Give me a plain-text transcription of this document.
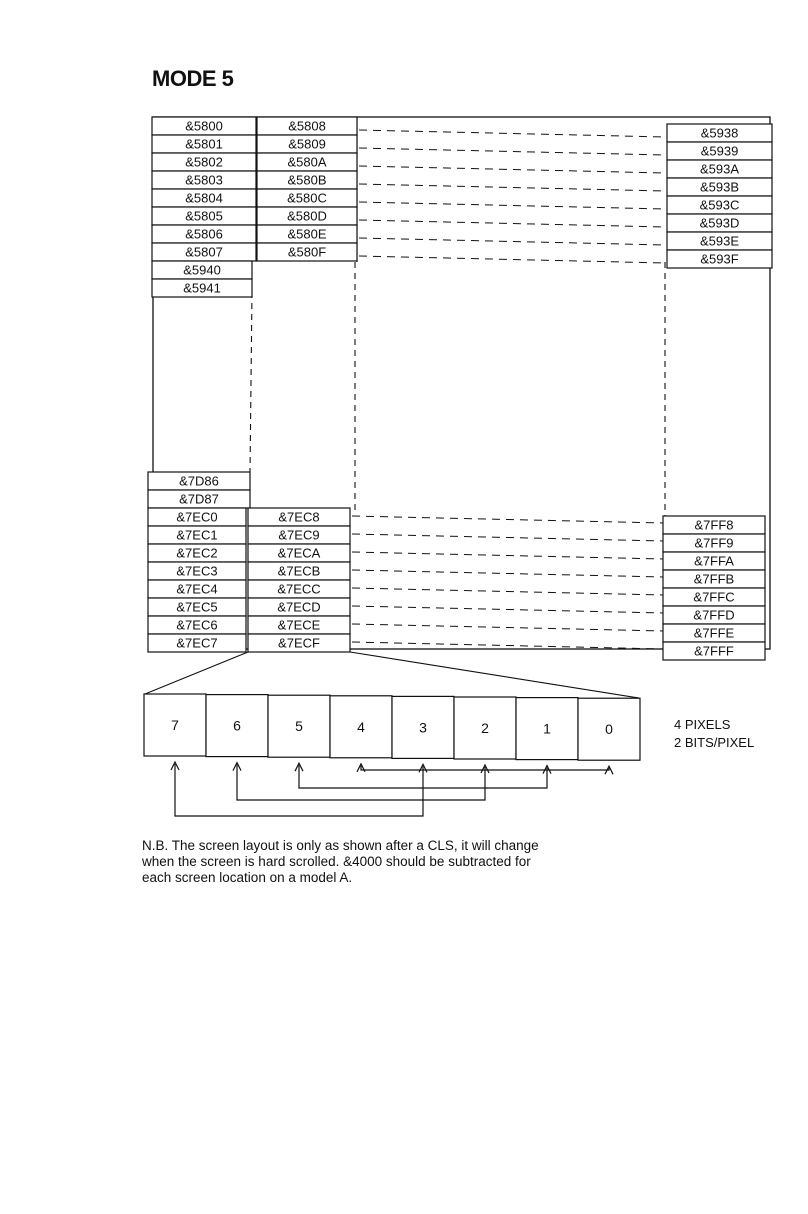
MODE 5
&5800
&5801
&5802
&5803
&5804
&5805
&5806
&5807
&5940
&5941
&5808
&5809
&580A
&580B
&580C
&580D
&580E
&580F
&5938
&5939
&593A
&593B
&593C
&593D
&593E
&593F
&7D86
&7D87
&7EC0
&7EC1
&7EC2
&7EC3
&7EC4
&7EC5
&7EC6
&7EC7
&7EC8
&7EC9
&7ECA
&7ECB
&7ECC
&7ECD
&7ECE
&7ECF
&7FF8
&7FF9
&7FFA
&7FFB
&7FFC
&7FFD
&7FFE
&7FFF
7	6	5	4	3	2	1	0	4 PIXELS
2 BITS/PIXEL
N.B. The screen layout is only as shown after a CLS, it will change when the screen is hard scrolled. &4000 should be subtracted for each screen location on a model A.
